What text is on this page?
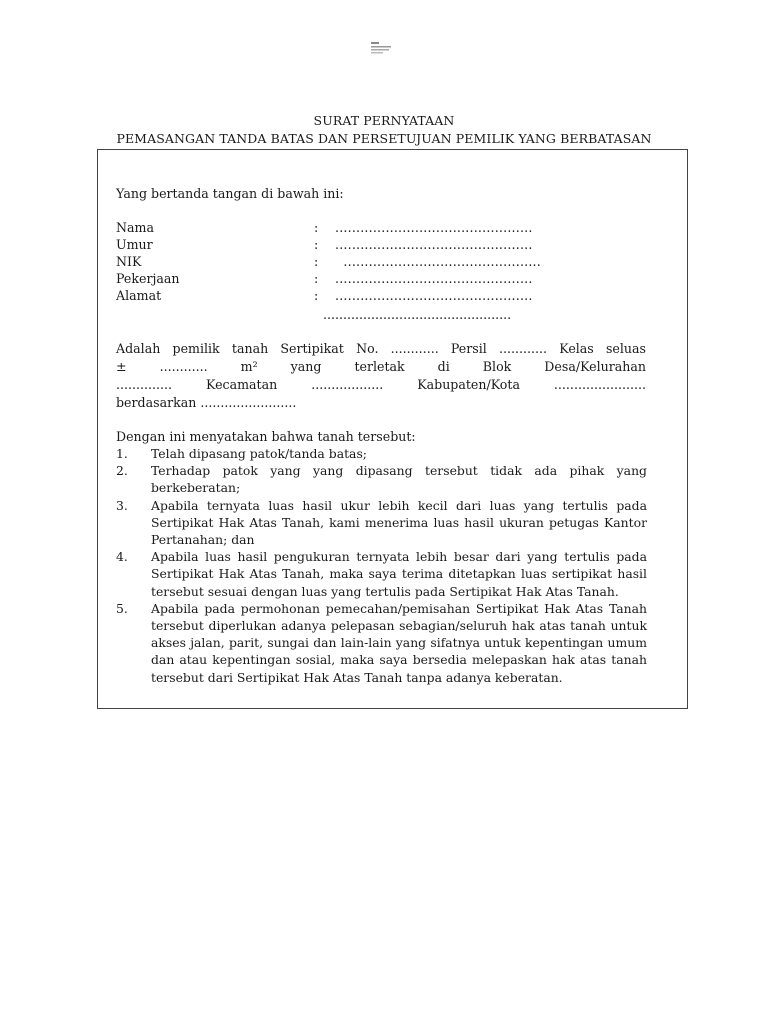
SURAT PERNYATAAN
PEMASANGAN TANDA BATAS DAN PERSETUJUAN PEMILIK YANG BERBATASAN
Yang bertanda tangan di bawah ini:
Nama	: ...............................................
Umur	: ...............................................
NIK	: ...............................................
Pekerjaan	: ...............................................
Alamat	: ...............................................
...............................................
Adalah pemilik tanah Sertipikat No. ............ Persil ............ Kelas seluas
± ............ m² yang terletak di Blok Desa/Kelurahan
.............. Kecamatan .................. Kabupaten/Kota .......................
berdasarkan ........................
Dengan ini menyatakan bahwa tanah tersebut:
1.	Telah dipasang patok/tanda batas;
2.	Terhadap patok yang yang dipasang tersebut tidak ada pihak yang berkeberatan;
3.	Apabila ternyata luas hasil ukur lebih kecil dari luas yang tertulis pada Sertipikat Hak Atas Tanah, kami menerima luas hasil ukuran petugas Kantor Pertanahan; dan
4.	Apabila luas hasil pengukuran ternyata lebih besar dari yang tertulis pada Sertipikat Hak Atas Tanah, maka saya terima ditetapkan luas sertipikat hasil tersebut sesuai dengan luas yang tertulis pada Sertipikat Hak Atas Tanah.
5.	Apabila pada permohonan pemecahan/pemisahan Sertipikat Hak Atas Tanah tersebut diperlukan adanya pelepasan sebagian/seluruh hak atas tanah untuk akses jalan, parit, sungai dan lain-lain yang sifatnya untuk kepentingan umum dan atau kepentingan sosial, maka saya bersedia melepaskan hak atas tanah tersebut dari Sertipikat Hak Atas Tanah tanpa adanya keberatan.
